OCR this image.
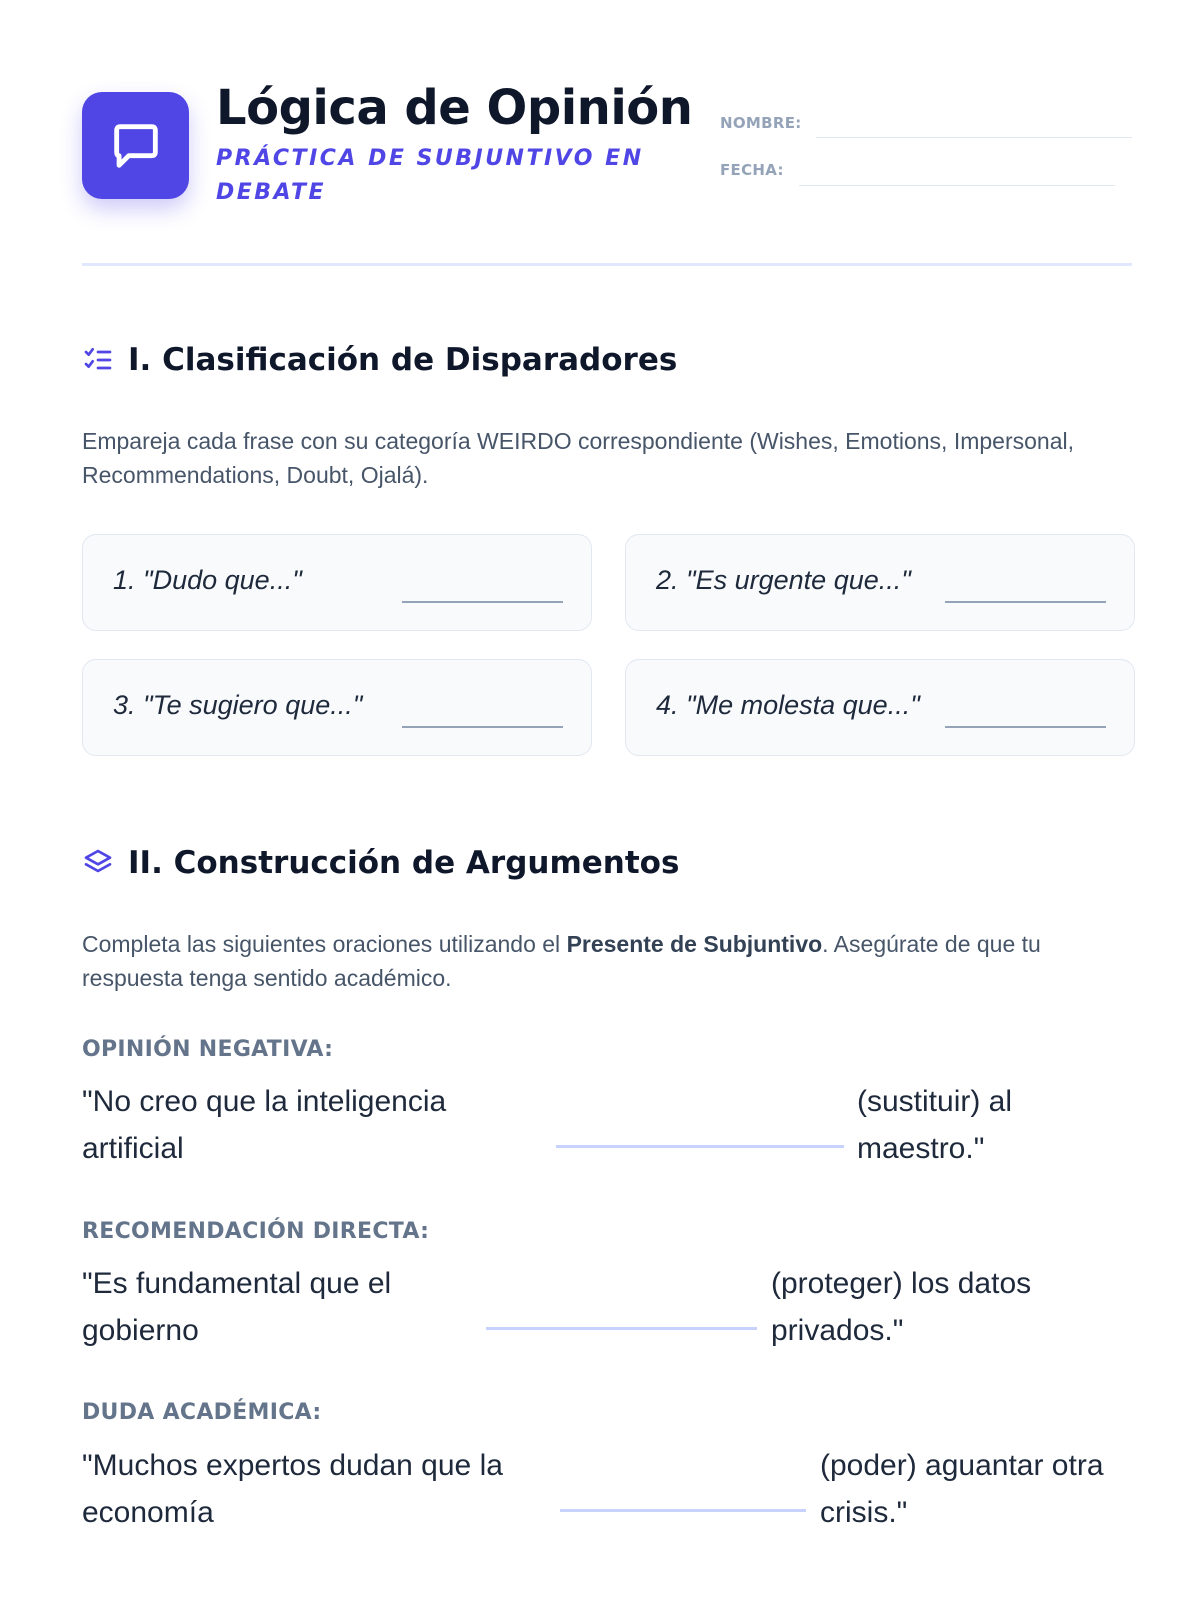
Lógica de Opinión
PRÁCTICA DE SUBJUNTIVO EN DEBATE
NOMBRE:
FECHA:
I. Clasificación de Disparadores
Empareja cada frase con su categoría WEIRDO correspondiente (Wishes, Emotions, Impersonal, Recommendations, Doubt, Ojalá).
1. "Dudo que..."	2. "Es urgente que..."
3. "Te sugiero que..."	4. "Me molesta que..."
II. Construcción de Argumentos
Completa las siguientes oraciones utilizando el Presente de Subjuntivo. Asegúrate de que tu respuesta tenga sentido académico.
OPINIÓN NEGATIVA:
"No creo que la inteligencia artificial
(sustituir) al maestro."
RECOMENDACIÓN DIRECTA:
"Es fundamental que el gobierno
(proteger) los datos privados."
DUDA ACADÉMICA:
"Muchos expertos dudan que la economía
(poder) aguantar otra crisis."
